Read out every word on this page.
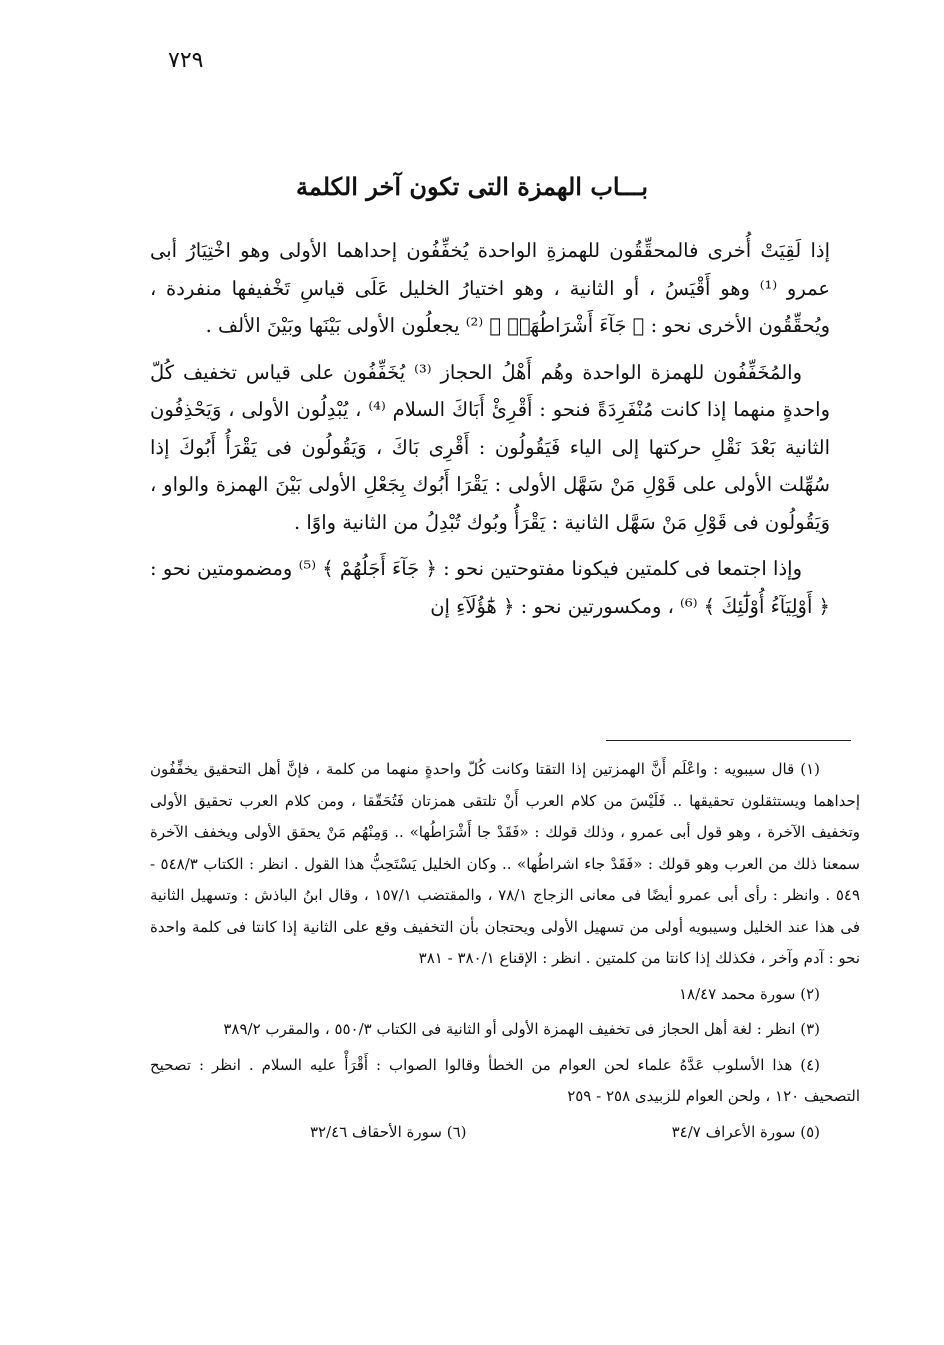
٧٢٩
بـــاب الهمزة التى تكون آخر الكلمة

إذا لَقِيَتْ أُخرى فالمحقِّقُون للهمزةِ الواحدة يُخفِّفُون إحداهما الأولى وهو اخْتِيَارُ أبى عمرو ⁽¹⁾ وهو أَقْيَسُ ، أو الثانية ، وهو اختيارُ الخليل عَلَى قياسِ تَخْفيفها منفردة ، ويُحقِّقُون الأخرى نحو : ﴿ جَآءَ أَشْرَاطُهَاۚ ﴾ ⁽²⁾ يجعلُون الأولى بَيْنَها وبَيْنَ الألف .

والمُخَفِّفُون للهمزة الواحدة وهُم أَهْلُ الحجاز ⁽³⁾ يُخَفِّفُون على قياس تخفيف كُلّ واحدةٍ منهما إذا كانت مُنْفَرِدَةً فنحو : أَقْرِئْ أَبَاكَ السلام ⁽⁴⁾ ، يُبْدِلُون الأولى ، وَيَحْذِفُون الثانية بَعْدَ نَقْلِ حركتها إلى الياء فَيَقُولُون : أَقْرِى بَاكَ ، وَيَقُولُون فى يَقْرَأُ أَبُوكَ إذا سُهِّلت الأولى على قَوْلِ مَنْ سَهَّل الأولى : يَقْرَا أَبُوك بِجَعْلِ الأولى بَيْنَ الهمزة والواو ، وَيَقُولُون فى قَوْلِ مَنْ سَهَّل الثانية : يَقْرَأُ وبُوك تُبْدِلُ من الثانية واوًا .

وإذا اجتمعا فى كلمتين فيكونا مفتوحتين نحو : ﴿ جَآءَ أَجَلُهُمْ ﴾ ⁽⁵⁾ ومضمومتين نحو : ﴿ أَوْلِيَآءُ أُوْلَٰٓئِكَ ﴾ ⁽⁶⁾ ، ومكسورتين نحو : ﴿ هَٰٓؤُلَآءِ إن

(١) قال سيبويه : واعْلَم أَنَّ الهمزتين إذا التقتا وكانت كُلّ واحدةٍ منهما من كلمة ، فإنَّ أهل التحقيق يخفِّفُون إحداهما ويستثقلون تحقيقها .. فَلَيْسَ من كلام العرب أَنْ تلتقى همزتان فَتُحَقّقا ، ومن كلام العرب تحقيق الأولى وتخفيف الآخرة ، وهو قول أبى عمرو ، وذلك قولك : «فَقَدْ جا أَشْرَاطُها» .. وَمِنْهُم مَنْ يحقق الأولى ويخفف الآخرة سمعنا ذلك من العرب وهو قولك : «فَقَدْ جاء اشراطُها» .. وكان الخليل يَسْتَحِبُّ هذا القول . انظر : الكتاب ٥٤٨/٣ - ٥٤٩ . وانظر : رأى أبى عمرو أيضًا فى معانى الزجاج ٧٨/١ ، والمقتضب ١٥٧/١ ، وقال ابنُ الباذش : وتسهيل الثانية فى هذا عند الخليل وسيبويه أولى من تسهيل الأولى ويحتجان بأن التخفيف وقع على الثانية إذا كانتا فى كلمة واحدة نحو : آدم وآخر ، فكذلك إذا كانتا من كلمتين . انظر : الإقناع ٣٨٠/١ - ٣٨١

(٢) سورة محمد ١٨/٤٧

(٣) انظر : لغة أهل الحجاز فى تخفيف الهمزة الأولى أو الثانية فى الكتاب ٥٥٠/٣ ، والمقرب ٣٨٩/٢

(٤) هذا الأسلوب عَدَّهُ علماء لحن العوام من الخطأ وقالوا الصواب : أَقْرَأْ عليه السلام . انظر : تصحيح التصحيف ١٢٠ ، ولحن العوام للزبيدى ٢٥٨ - ٢٥٩

(٥) سورة الأعراف ٣٤/٧
(٦) سورة الأحقاف ٣٢/٤٦
